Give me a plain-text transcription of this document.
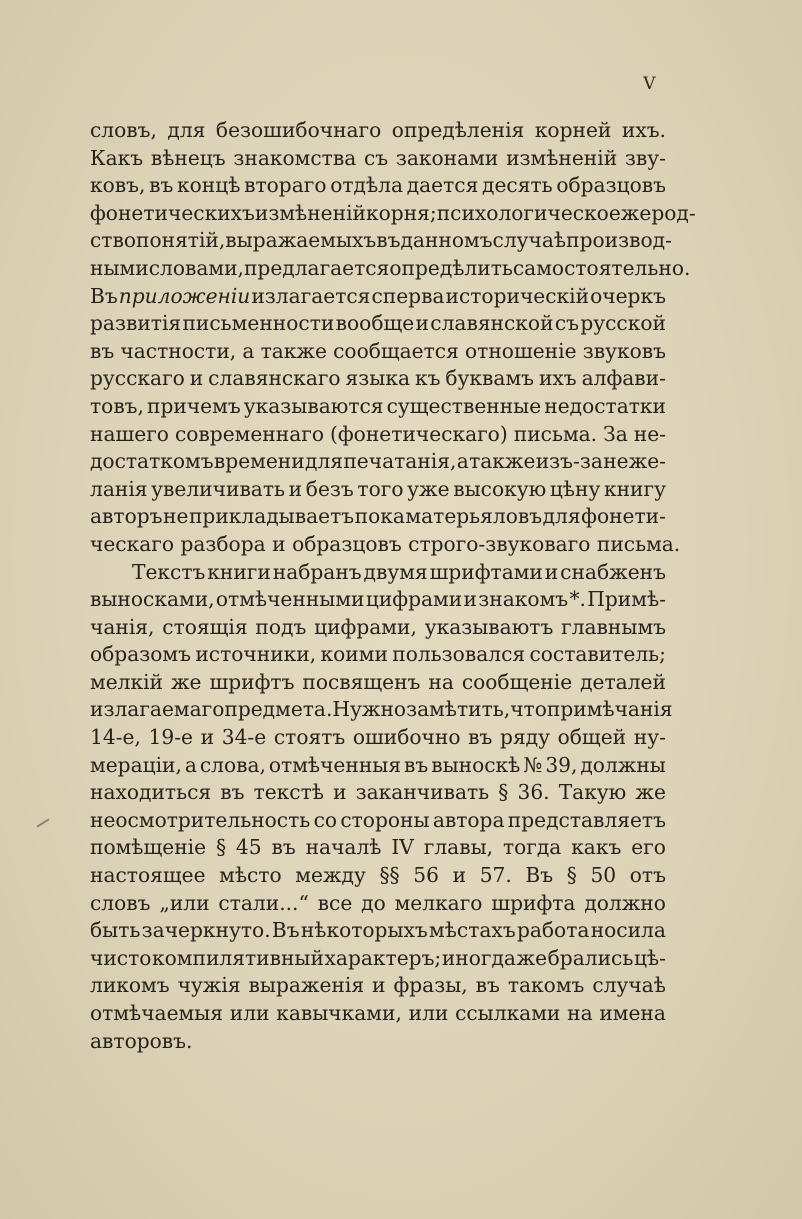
V
словъ, для безошибочнаго опредѣленія корней ихъ.
Какъ вѣнецъ знакомства съ законами измѣненій зву-
ковъ, въ концѣ втораго отдѣла дается десять образцовъ
фонетическихъ измѣненій корня; психологическое же род-
ство понятій, выражаемыхъ въ данномъ случаѣ производ-
ными словами, предлагается опредѣлить самостоятельно.
Въ приложеніи излагается сперва историческій очеркъ
развитія письменности вообще и славянской съ русской
въ частности, а также сообщается отношеніе звуковъ
русскаго и славянскаго языка къ буквамъ ихъ алфави-
товъ, причемъ указываются существенные недостатки
нашего современнаго (фонетическаго) письма. За не-
достаткомъ времени для печатанія, а также изъ-за нежe-
ланія увеличивать и безъ того уже высокую цѣну книгу
авторъ не прикладываетъ пока матерьяловъ для фонети-
ческаго разбора и образцовъ строго-звуковаго письма.
Текстъ книги набранъ двумя шрифтами и снабженъ
выносками, отмѣченными цифрами и знакомъ *. Примѣ-
чанія, стоящія подъ цифрами, указываютъ главнымъ
образомъ источники, коими пользовался составитель;
мелкій же шрифтъ посвященъ на сообщеніе деталей
излагаемаго предмета. Нужно замѣтить, что примѣчанія
14-е, 19-е и 34-е стоятъ ошибочно въ ряду общей ну-
мераціи, а слова, отмѣченныя въ выноскѣ № 39, должны
находиться въ текстѣ и заканчивать § 36. Такую же
неосмотрительность со стороны автора представляетъ
помѣщеніе § 45 въ началѣ IV главы, тогда какъ его
настоящее мѣсто между §§ 56 и 57. Въ § 50 отъ
словъ „или стали...“ все до мелкаго шрифта должно
быть зачеркнуто. Въ нѣкоторыхъ мѣстахъ работа носила
чисто компилятивный характеръ; иногда же брались цѣ-
ликомъ чужія выраженія и фразы, въ такомъ случаѣ
отмѣчаемыя или кавычками, или ссылками на имена
авторовъ.
